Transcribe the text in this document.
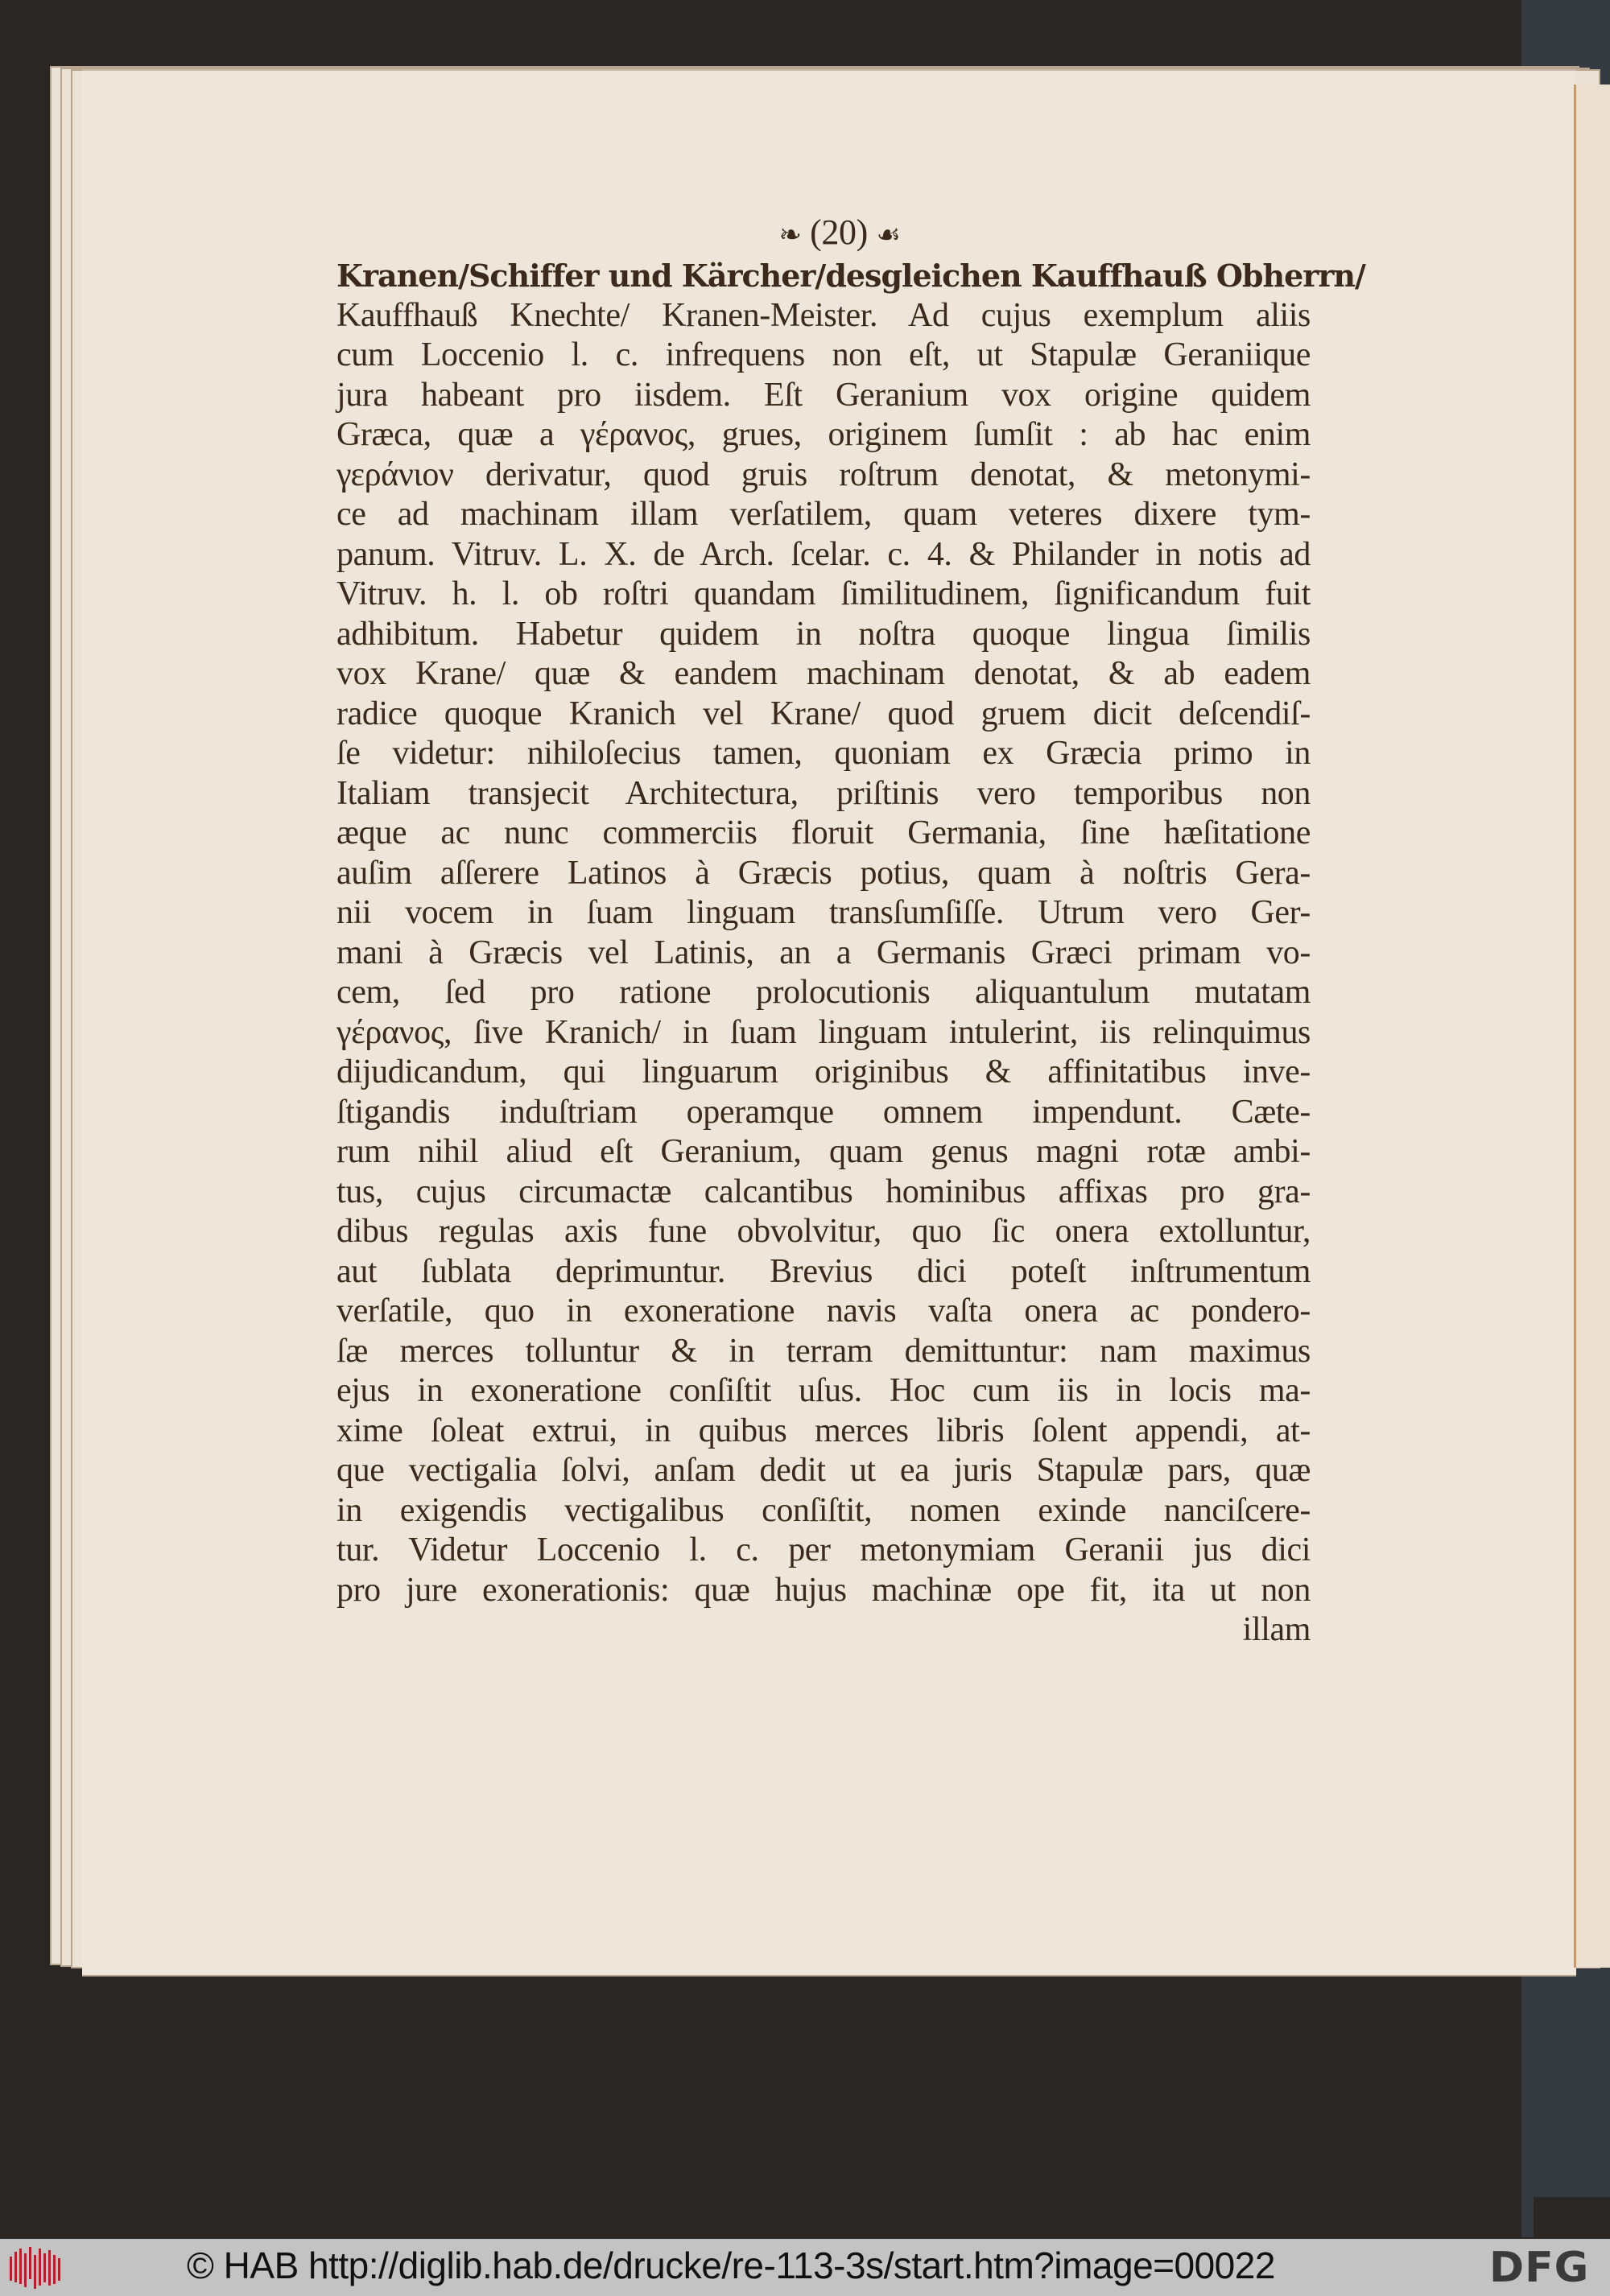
❧ (20) ☙
Kranen/Schiffer und Kärcher/desgleichen Kauffhauß Obherrn/
Kauffhauß Knechte/ Kranen-Meister. Ad cujus exemplum aliis
cum Loccenio l. c. infrequens non eſt, ut Stapulæ Geraniique
jura habeant pro iisdem. Eſt Geranium vox origine quidem
Græca, quæ a γέρανος, grues, originem ſumſit : ab hac enim
γεράνιον derivatur, quod gruis roſtrum denotat, & metonymi-
ce ad machinam illam verſatilem, quam veteres dixere tym-
panum. Vitruv. L. X. de Arch. ſcelar. c. 4. & Philander in notis ad
Vitruv. h. l. ob roſtri quandam ſimilitudinem, ſignificandum fuit
adhibitum. Habetur quidem in noſtra quoque lingua ſimilis
vox Krane/ quæ & eandem machinam denotat, & ab eadem
radice quoque Kranich vel Krane/ quod gruem dicit deſcendiſ-
ſe videtur: nihiloſecius tamen, quoniam ex Græcia primo in
Italiam transjecit Architectura, priſtinis vero temporibus non
æque ac nunc commerciis floruit Germania, ſine hæſitatione
auſim aſſerere Latinos à Græcis potius, quam à noſtris Gera-
nii vocem in ſuam linguam transſumſiſſe. Utrum vero Ger-
mani à Græcis vel Latinis, an a Germanis Græci primam vo-
cem, ſed pro ratione prolocutionis aliquantulum mutatam
γέρανος, ſive Kranich/ in ſuam linguam intulerint, iis relinquimus
dijudicandum, qui linguarum originibus & affinitatibus inve-
ſtigandis induſtriam operamque omnem impendunt. Cæte-
rum nihil aliud eſt Geranium, quam genus magni rotæ ambi-
tus, cujus circumactæ calcantibus hominibus affixas pro gra-
dibus regulas axis fune obvolvitur, quo ſic onera extolluntur,
aut ſublata deprimuntur. Brevius dici poteſt inſtrumentum
verſatile, quo in exoneratione navis vaſta onera ac pondero-
ſæ merces tolluntur & in terram demittuntur: nam maximus
ejus in exoneratione conſiſtit uſus. Hoc cum iis in locis ma-
xime ſoleat extrui, in quibus merces libris ſolent appendi, at-
que vectigalia ſolvi, anſam dedit ut ea juris Stapulæ pars, quæ
in exigendis vectigalibus conſiſtit, nomen exinde nanciſcere-
tur. Videtur Loccenio l. c. per metonymiam Geranii jus dici
pro jure exonerationis: quæ hujus machinæ ope fit, ita ut non
illam
© HAB http://diglib.hab.de/drucke/re-113-3s/start.htm?image=00022	DFG
